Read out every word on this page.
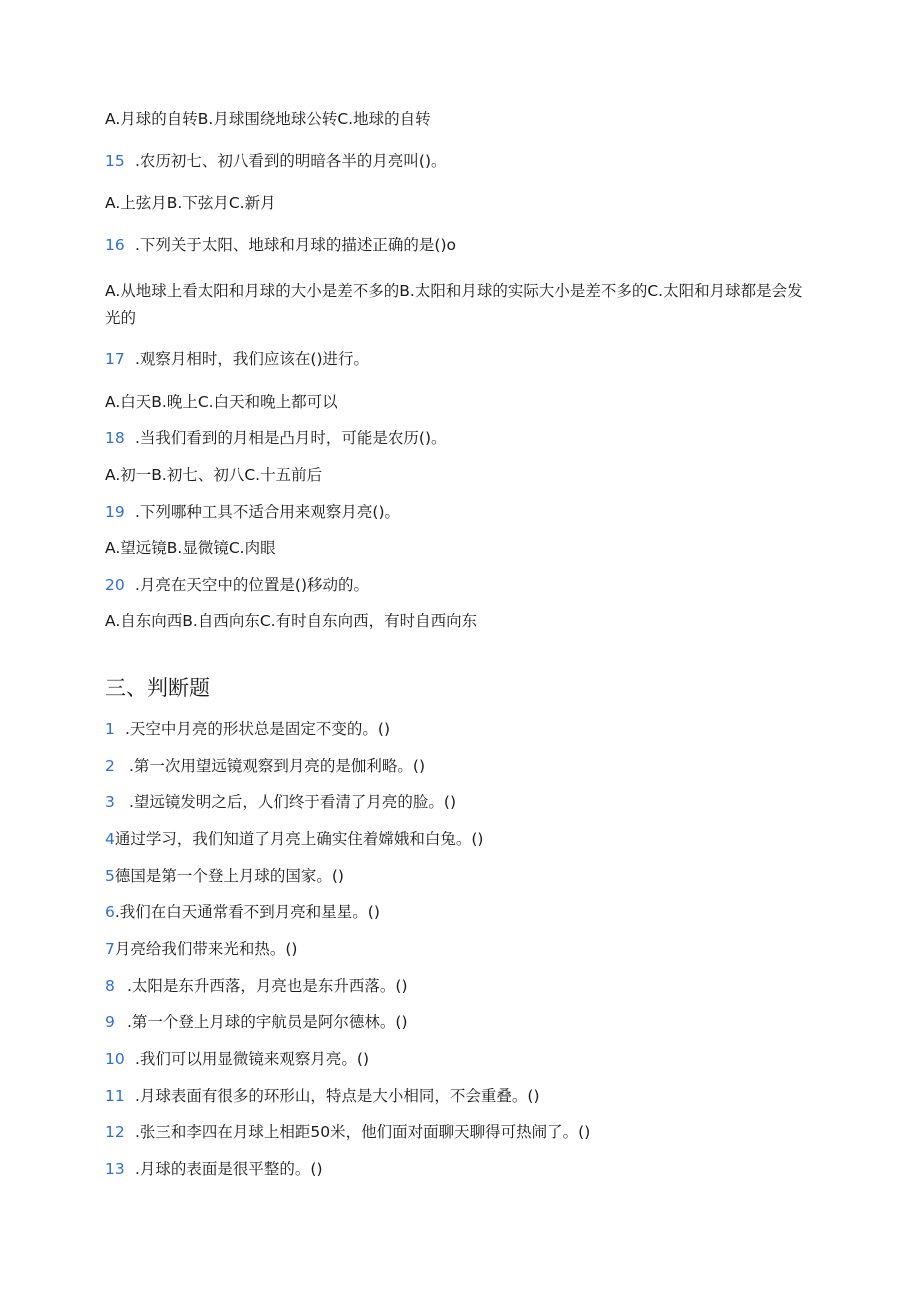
A.月球的自转B.月球围绕地球公转C.地球的自转
15 .农历初七、初八看到的明暗各半的月亮叫()。
A.上弦月B.下弦月C.新月
16 .下列关于太阳、地球和月球的描述正确的是()o
A.从地球上看太阳和月球的大小是差不多的B.太阳和月球的实际大小是差不多的C.太阳和月球都是会发光的
17 .观察月相时，我们应该在()进行。
A.白天B.晚上C.白天和晚上都可以
18 .当我们看到的月相是凸月时，可能是农历()。
A.初一B.初七、初八C.十五前后
19 .下列哪种工具不适合用来观察月亮()。
A.望远镜B.显微镜C.肉眼
20 .月亮在天空中的位置是()移动的。
A.自东向西B.自西向东C.有时自东向西，有时自西向东
三、判断题
1 .天空中月亮的形状总是固定不变的。()
2 .第一次用望远镜观察到月亮的是伽利略。()
3 .望远镜发明之后，人们终于看清了月亮的脸。()
4通过学习，我们知道了月亮上确实住着嫦娥和白兔。()
5德国是第一个登上月球的国家。()
6.我们在白天通常看不到月亮和星星。()
7月亮给我们带来光和热。()
8 .太阳是东升西落，月亮也是东升西落。()
9 .第一个登上月球的宇航员是阿尔德林。()
10 .我们可以用显微镜来观察月亮。()
11 .月球表面有很多的环形山，特点是大小相同，不会重叠。()
12 .张三和李四在月球上相距50米，他们面对面聊天聊得可热闹了。()
13 .月球的表面是很平整的。()
